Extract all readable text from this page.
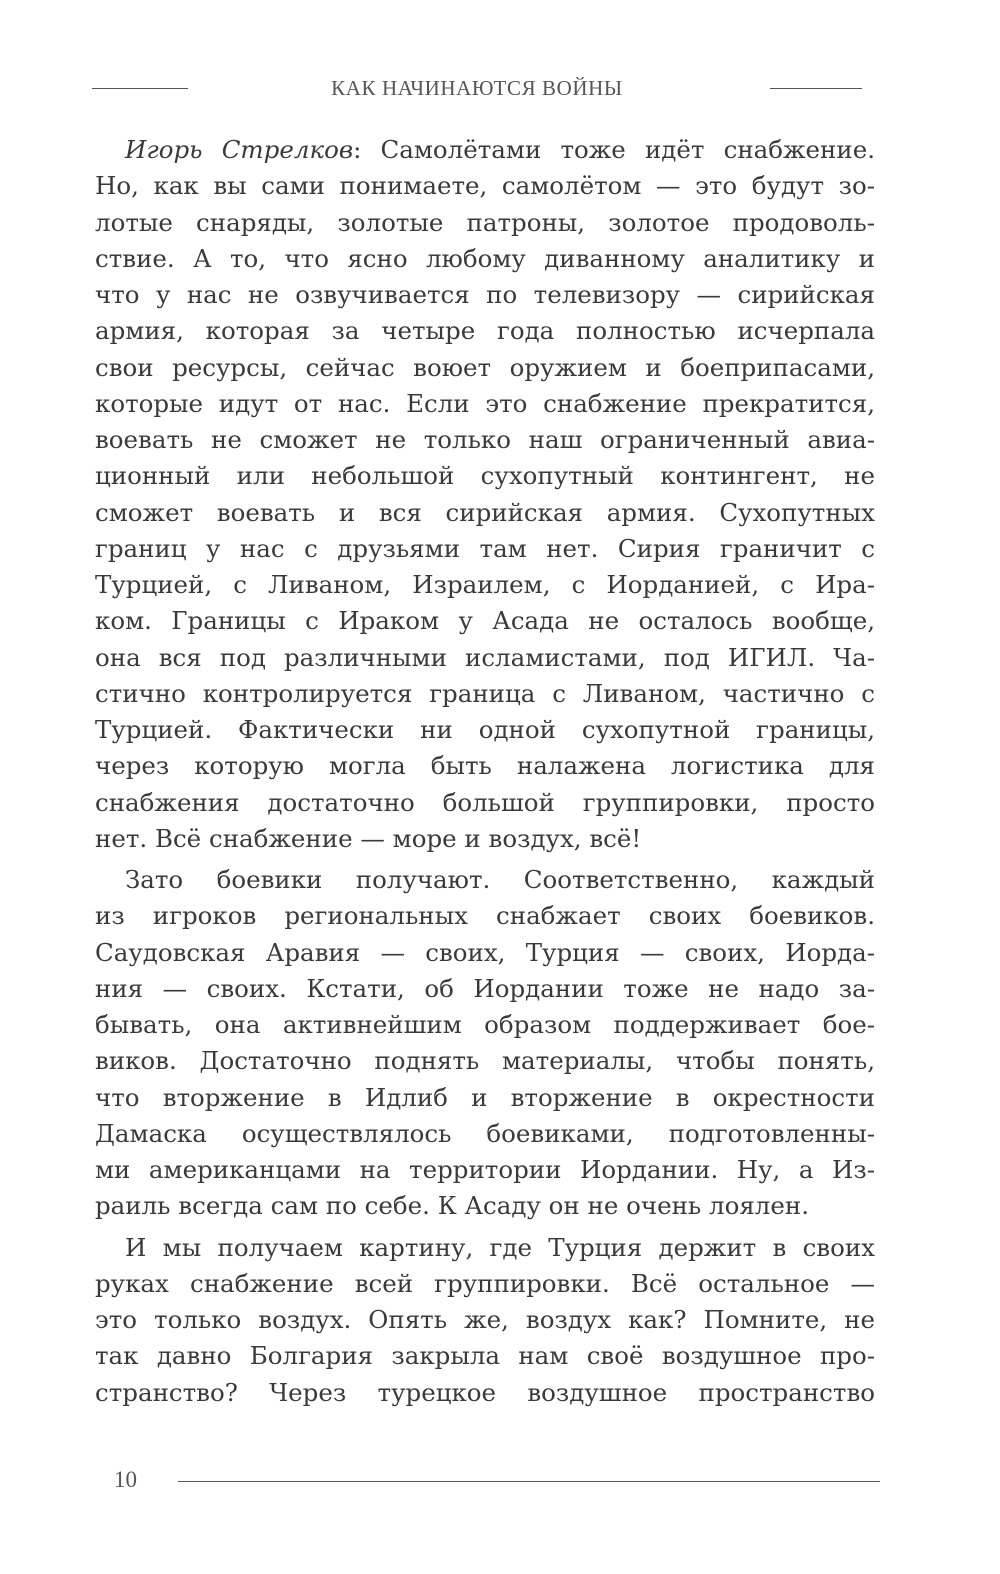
КАК НАЧИНАЮТСЯ ВОЙНЫ
Игорь Стрелков: Самолётами тоже идёт снабжение.
Но, как вы сами понимаете, самолётом — это будут зо-
лотые снаряды, золотые патроны, золотое продоволь-
ствие. А то, что ясно любому диванному аналитику и
что у нас не озвучивается по телевизору — сирийская
армия, которая за четыре года полностью исчерпала
свои ресурсы, сейчас воюет оружием и боеприпасами,
которые идут от нас. Если это снабжение прекратится,
воевать не сможет не только наш ограниченный авиа-
ционный или небольшой сухопутный контингент, не
сможет воевать и вся сирийская армия. Сухопутных
границ у нас с друзьями там нет. Сирия граничит с
Турцией, с Ливаном, Израилем, с Иорданией, с Ира-
ком. Границы с Ираком у Асада не осталось вообще,
она вся под различными исламистами, под ИГИЛ. Ча-
стично контролируется граница с Ливаном, частично с
Турцией. Фактически ни одной сухопутной границы,
через которую могла быть налажена логистика для
снабжения достаточно большой группировки, просто
нет. Всё снабжение — море и воздух, всё!
Зато боевики получают. Соответственно, каждый
из игроков региональных снабжает своих боевиков.
Саудовская Аравия — своих, Турция — своих, Иорда-
ния — своих. Кстати, об Иордании тоже не надо за-
бывать, она активнейшим образом поддерживает бое-
виков. Достаточно поднять материалы, чтобы понять,
что вторжение в Идлиб и вторжение в окрестности
Дамаска осуществлялось боевиками, подготовленны-
ми американцами на территории Иордании. Ну, а Из-
раиль всегда сам по себе. К Асаду он не очень лоялен.
И мы получаем картину, где Турция держит в своих
руках снабжение всей группировки. Всё остальное —
это только воздух. Опять же, воздух как? Помните, не
так давно Болгария закрыла нам своё воздушное про-
странство? Через турецкое воздушное пространство
10
